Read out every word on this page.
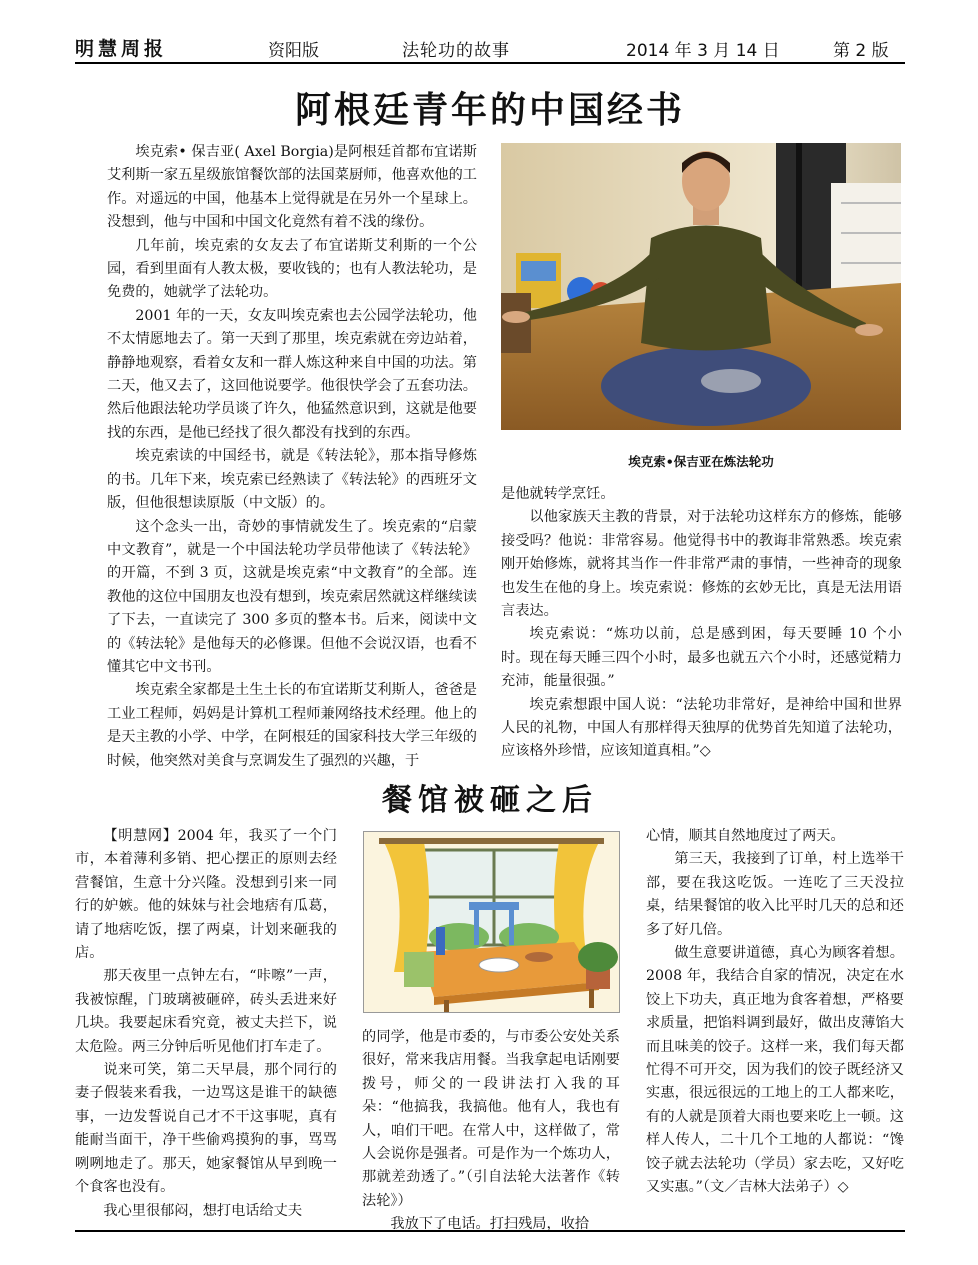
明慧周报	资阳版	法轮功的故事	2014 年 3 月 14 日	第 2 版
阿根廷青年的中国经书

埃克索• 保吉亚( Axel Borgia)是阿根廷首都布宜诺斯艾利斯一家五星级旅馆餐饮部的法国菜厨师，他喜欢他的工作。对遥远的中国，他基本上觉得就是在另外一个星球上。没想到，他与中国和中国文化竟然有着不浅的缘份。

几年前，埃克索的女友去了布宜诺斯艾利斯的一个公园，看到里面有人教太极，要收钱的；也有人教法轮功，是免费的，她就学了法轮功。

2001 年的一天，女友叫埃克索也去公园学法轮功，他不太情愿地去了。第一天到了那里，埃克索就在旁边站着，静静地观察，看着女友和一群人炼这种来自中国的功法。第二天，他又去了，这回他说要学。他很快学会了五套功法。然后他跟法轮功学员谈了许久，他猛然意识到，这就是他要找的东西，是他已经找了很久都没有找到的东西。

埃克索读的中国经书，就是《转法轮》，那本指导修炼的书。几年下来，埃克索已经熟读了《转法轮》的西班牙文版，但他很想读原版（中文版）的。

这个念头一出，奇妙的事情就发生了。埃克索的“启蒙中文教育”，就是一个中国法轮功学员带他读了《转法轮》的开篇，不到 3 页，这就是埃克索“中文教育”的全部。连教他的这位中国朋友也没有想到，埃克索居然就这样继续读了下去，一直读完了 300 多页的整本书。后来，阅读中文的《转法轮》是他每天的必修课。但他不会说汉语，也看不懂其它中文书刊。

埃克索全家都是土生土长的布宜诺斯艾利斯人，爸爸是工业工程师，妈妈是计算机工程师兼网络技术经理。他上的是天主教的小学、中学，在阿根廷的国家科技大学三年级的时候，他突然对美食与烹调发生了强烈的兴趣，于

埃克索•保吉亚在炼法轮功

是他就转学烹饪。

以他家族天主教的背景，对于法轮功这样东方的修炼，能够接受吗？他说：非常容易。他觉得书中的教诲非常熟悉。埃克索刚开始修炼，就将其当作一件非常严肃的事情，一些神奇的现象也发生在他的身上。埃克索说：修炼的玄妙无比，真是无法用语言表达。

埃克索说：“炼功以前，总是感到困，每天要睡 10 个小时。现在每天睡三四个小时，最多也就五六个小时，还感觉精力充沛，能量很强。”

埃克索想跟中国人说：“法轮功非常好，是神给中国和世界人民的礼物，中国人有那样得天独厚的优势首先知道了法轮功，应该格外珍惜，应该知道真相。”◇

餐馆被砸之后

【明慧网】2004 年，我买了一个门市，本着薄利多销、把心摆正的原则去经营餐馆，生意十分兴隆。没想到引来一同行的妒嫉。他的妹妹与社会地痞有瓜葛，请了地痞吃饭，摆了两桌，计划来砸我的店。

那天夜里一点钟左右，“咔嚓”一声，我被惊醒，门玻璃被砸碎，砖头丢进来好几块。我要起床看究竟，被丈夫拦下，说太危险。两三分钟后听见他们打车走了。

说来可笑，第二天早晨，那个同行的妻子假装来看我，一边骂这是谁干的缺德事，一边发誓说自己才不干这事呢，真有能耐当面干，净干些偷鸡摸狗的事，骂骂咧咧地走了。那天，她家餐馆从早到晚一个食客也没有。

我心里很郁闷，想打电话给丈夫

的同学，他是市委的，与市委公安处关系很好，常来我店用餐。当我拿起电话刚要拨号，师父的一段讲法打入我的耳朵：“他搞我，我搞他。他有人，我也有人，咱们干吧。在常人中，这样做了，常人会说你是强者。可是作为一个炼功人，那就差劲透了。”（引自法轮大法著作《转法轮》）

我放下了电话。打扫残局，收拾

心情，顺其自然地度过了两天。

第三天，我接到了订单，村上选举干部，要在我这吃饭。一连吃了三天没拉桌，结果餐馆的收入比平时几天的总和还多了好几倍。

做生意要讲道德，真心为顾客着想。2008 年，我结合自家的情况，决定在水饺上下功夫，真正地为食客着想，严格要求质量，把馅料调到最好，做出皮薄馅大而且味美的饺子。这样一来，我们每天都忙得不可开交，因为我们的饺子既经济又实惠，很远很远的工地上的工人都来吃，有的人就是顶着大雨也要来吃上一顿。这样人传人，二十几个工地的人都说：“馋饺子就去法轮功（学员）家去吃，又好吃又实惠。”（文／吉林大法弟子）◇
